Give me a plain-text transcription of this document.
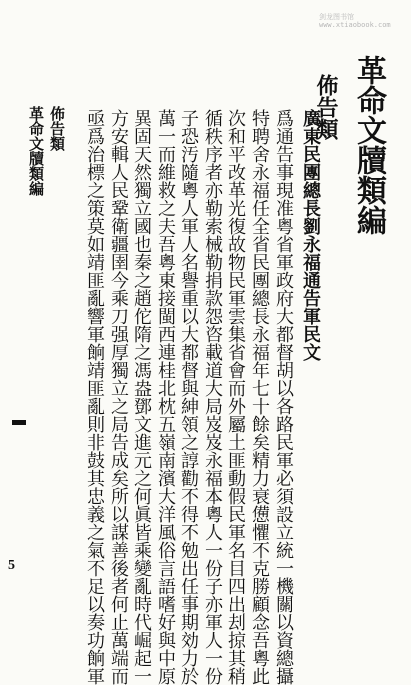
剑龙图书馆
www.xtiaobook.com
革命文牘類編
佈告類
廣東民團總長劉永福通告軍民文
爲通告事現准粤省軍政府大都督胡以各路民軍必須設立統一機關以資總攝
特聘舍永福任全省民團總長永福年七十餘矣精力衰憊懼不克勝顧念吾粵此
次和平改革光復故物民軍雲集省會而外屬土匪動假民軍名目四出刦掠其稍
循秩序者亦勒索械勒捐款怨咨載道大局岌岌永福本粵人一份子亦軍人一份
子恐汚隨粵人軍人名譽重以大都督與紳領之諄勸不得不勉出任事期効力於
萬一而維救之夫吾粵東接閩西連桂北枕五嶺南濱大洋風俗言語嗜好與中原
異固天然獨立國也秦之趙佗隋之馮盎鄧文進元之何眞皆乘變亂時代崛起一
方安輯人民鞏衛疆圉今乘刀强厚獨立之局告成矣所以謀善後者何止萬端而
亟爲治標之策莫如靖匪亂響軍餉靖匪亂則非鼓其忠義之氣不足以奏功餉軍
革命文牘類編 佈告類
5
